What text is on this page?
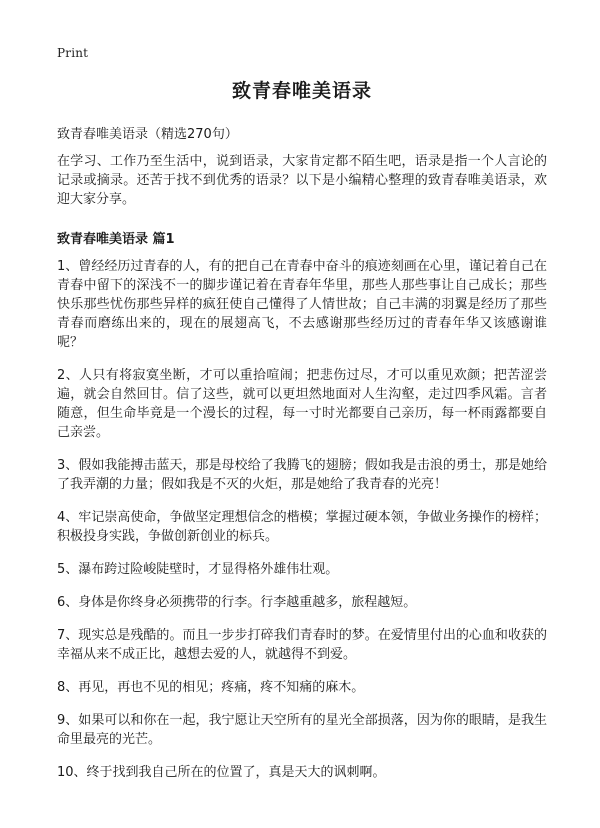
Print
致青春唯美语录
致青春唯美语录（精选270句）
在学习、工作乃至生活中，说到语录，大家肯定都不陌生吧，语录是指一个人言论的记录或摘录。还苦于找不到优秀的语录？以下是小编精心整理的致青春唯美语录，欢迎大家分享。
致青春唯美语录 篇1
1、曾经经历过青春的人，有的把自己在青春中奋斗的痕迹刻画在心里，谨记着自己在青春中留下的深浅不一的脚步谨记着在青春年华里，那些人那些事让自己成长；那些快乐那些忧伤那些异样的疯狂使自己懂得了人情世故；自己丰满的羽翼是经历了那些青春而磨练出来的，现在的展翅高飞，不去感谢那些经历过的青春年华又该感谢谁呢？
2、人只有将寂寞坐断，才可以重拾喧闹；把悲伤过尽，才可以重见欢颜；把苦涩尝遍，就会自然回甘。信了这些，就可以更坦然地面对人生沟壑，走过四季风霜。言者随意，但生命毕竟是一个漫长的过程，每一寸时光都要自己亲历，每一杯雨露都要自己亲尝。
3、假如我能搏击蓝天，那是母校给了我腾飞的翅膀；假如我是击浪的勇士，那是她给了我弄潮的力量；假如我是不灭的火炬，那是她给了我青春的光亮！
4、牢记崇高使命，争做坚定理想信念的楷模；掌握过硬本领，争做业务操作的榜样；积极投身实践，争做创新创业的标兵。
5、瀑布跨过险峻陡壁时，才显得格外雄伟壮观。
6、身体是你终身必须携带的行李。行李越重越多，旅程越短。
7、现实总是残酷的。而且一步步打碎我们青春时的梦。在爱情里付出的心血和收获的幸福从来不成正比，越想去爱的人，就越得不到爱。
8、再见，再也不见的相见；疼痛，疼不知痛的麻木。
9、如果可以和你在一起，我宁愿让天空所有的星光全部损落，因为你的眼睛，是我生命里最亮的光芒。
10、终于找到我自己所在的位置了，真是天大的讽刺啊。
